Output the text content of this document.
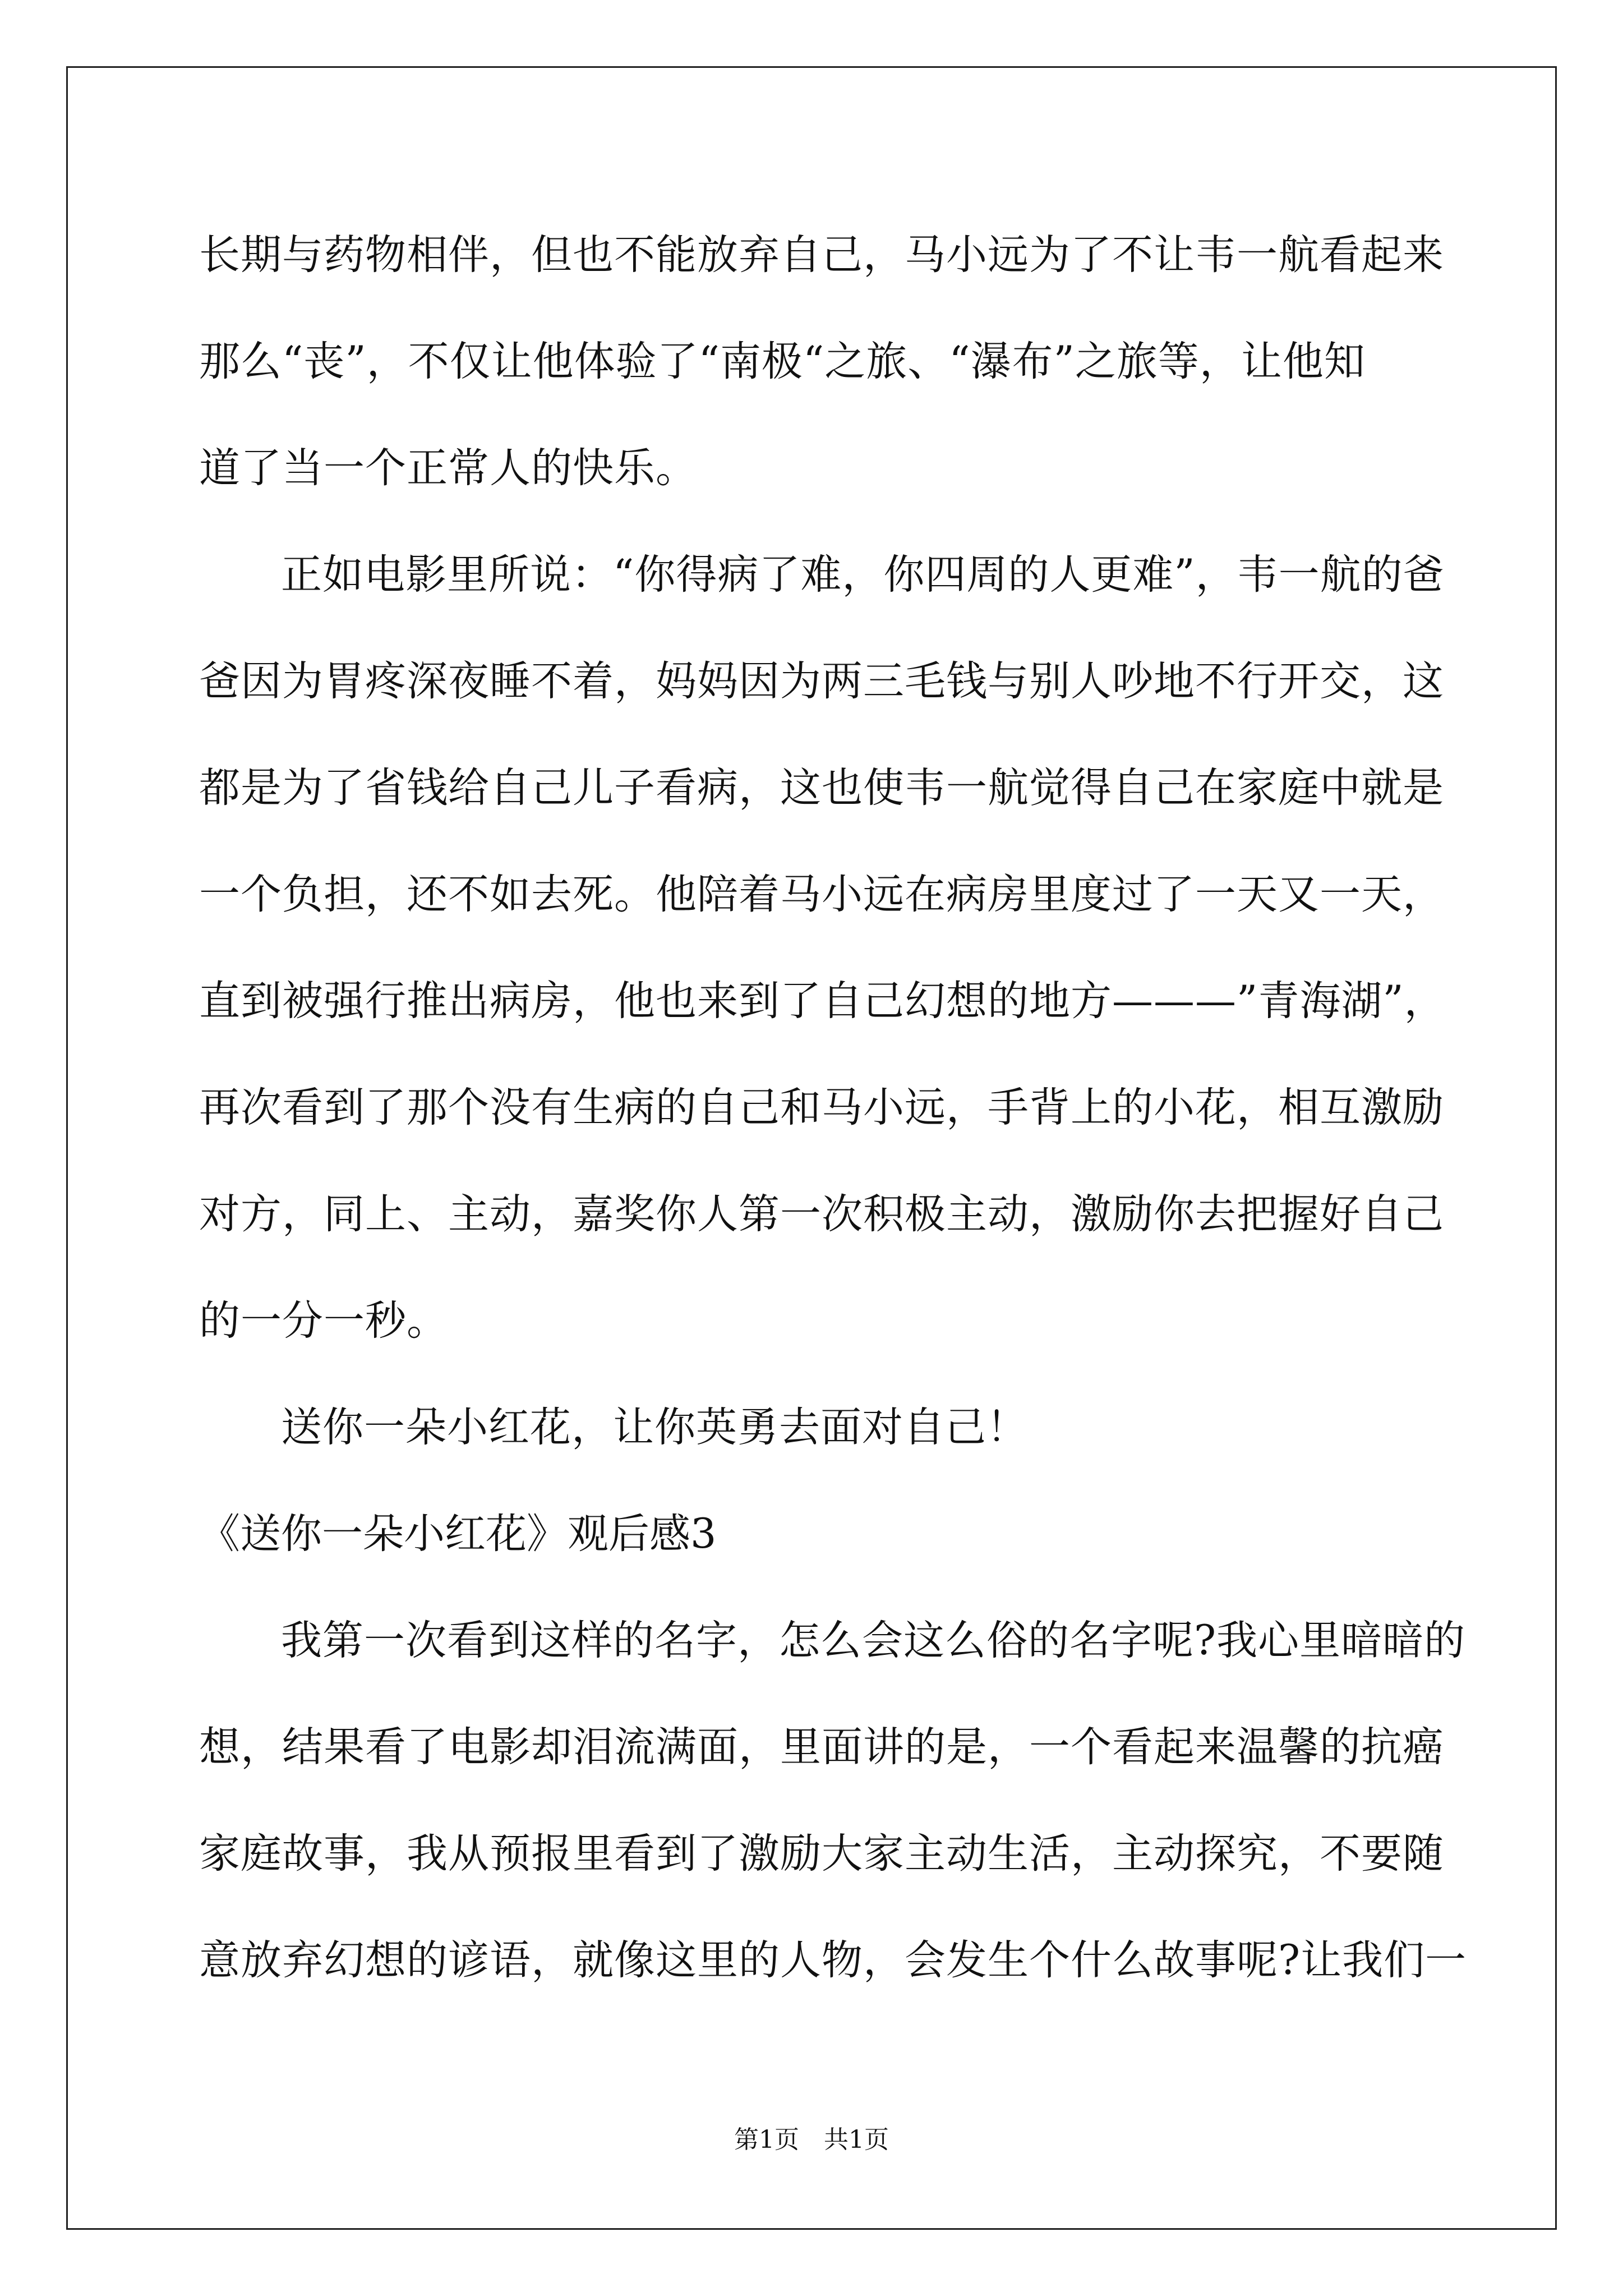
长期与药物相伴，但也不能放弃自己，马小远为了不让韦一航看起来
那么“丧”，不仅让他体验了“南极“之旅、“瀑布”之旅等，让他知
道了当一个正常人的快乐。
正如电影里所说：“你得病了难，你四周的人更难”，韦一航的爸
爸因为胃疼深夜睡不着，妈妈因为两三毛钱与别人吵地不行开交，这
都是为了省钱给自己儿子看病，这也使韦一航觉得自己在家庭中就是
一个负担，还不如去死。他陪着马小远在病房里度过了一天又一天，
直到被强行推出病房，他也来到了自己幻想的地方———”青海湖”，
再次看到了那个没有生病的自己和马小远，手背上的小花，相互激励
对方，同上、主动，嘉奖你人第一次积极主动，激励你去把握好自己
的一分一秒。
送你一朵小红花，让你英勇去面对自己！
《送你一朵小红花》观后感3
我第一次看到这样的名字，怎么会这么俗的名字呢?我心里暗暗的
想，结果看了电影却泪流满面，里面讲的是，一个看起来温馨的抗癌
家庭故事，我从预报里看到了激励大家主动生活，主动探究，不要随
意放弃幻想的谚语，就像这里的人物，会发生个什么故事呢?让我们一
第1页　共1页
